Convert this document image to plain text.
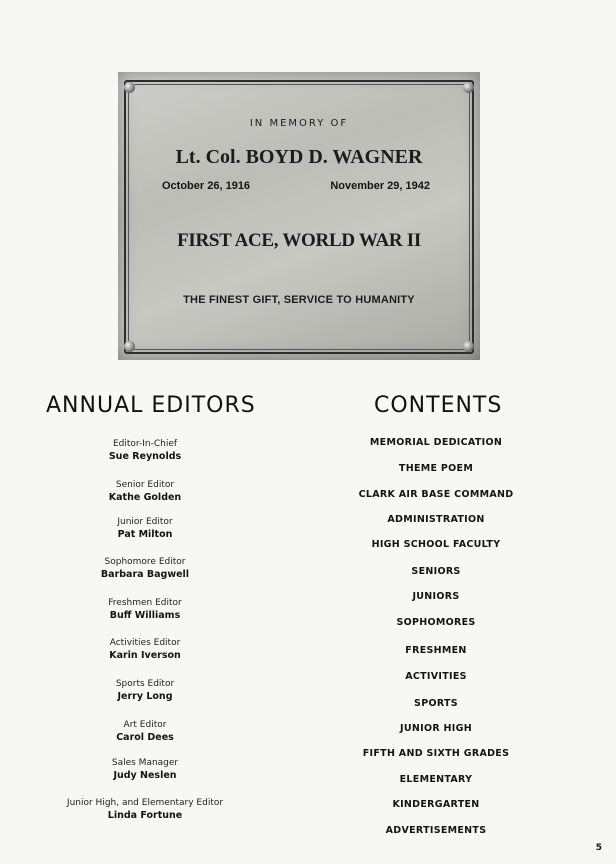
IN MEMORY OF
Lt. Col. BOYD D. WAGNER
October 26, 1916	November 29, 1942
FIRST ACE, WORLD WAR II
THE FINEST GIFT, SERVICE TO HUMANITY
ANNUAL EDITORS	CONTENTS
Editor-In-Chief
Sue Reynolds
Senior Editor
Kathe Golden
Junior Editor
Pat Milton
Sophomore Editor
Barbara Bagwell
Freshmen Editor
Buff Williams
Activities Editor
Karin Iverson
Sports Editor
Jerry Long
Art Editor
Carol Dees
Sales Manager
Judy Neslen
Junior High, and Elementary Editor
Linda Fortune
MEMORIAL DEDICATION
THEME POEM
CLARK AIR BASE COMMAND
ADMINISTRATION
HIGH SCHOOL FACULTY
SENIORS
JUNIORS
SOPHOMORES
FRESHMEN
ACTIVITIES
SPORTS
JUNIOR HIGH
FIFTH AND SIXTH GRADES
ELEMENTARY
KINDERGARTEN
ADVERTISEMENTS
5
